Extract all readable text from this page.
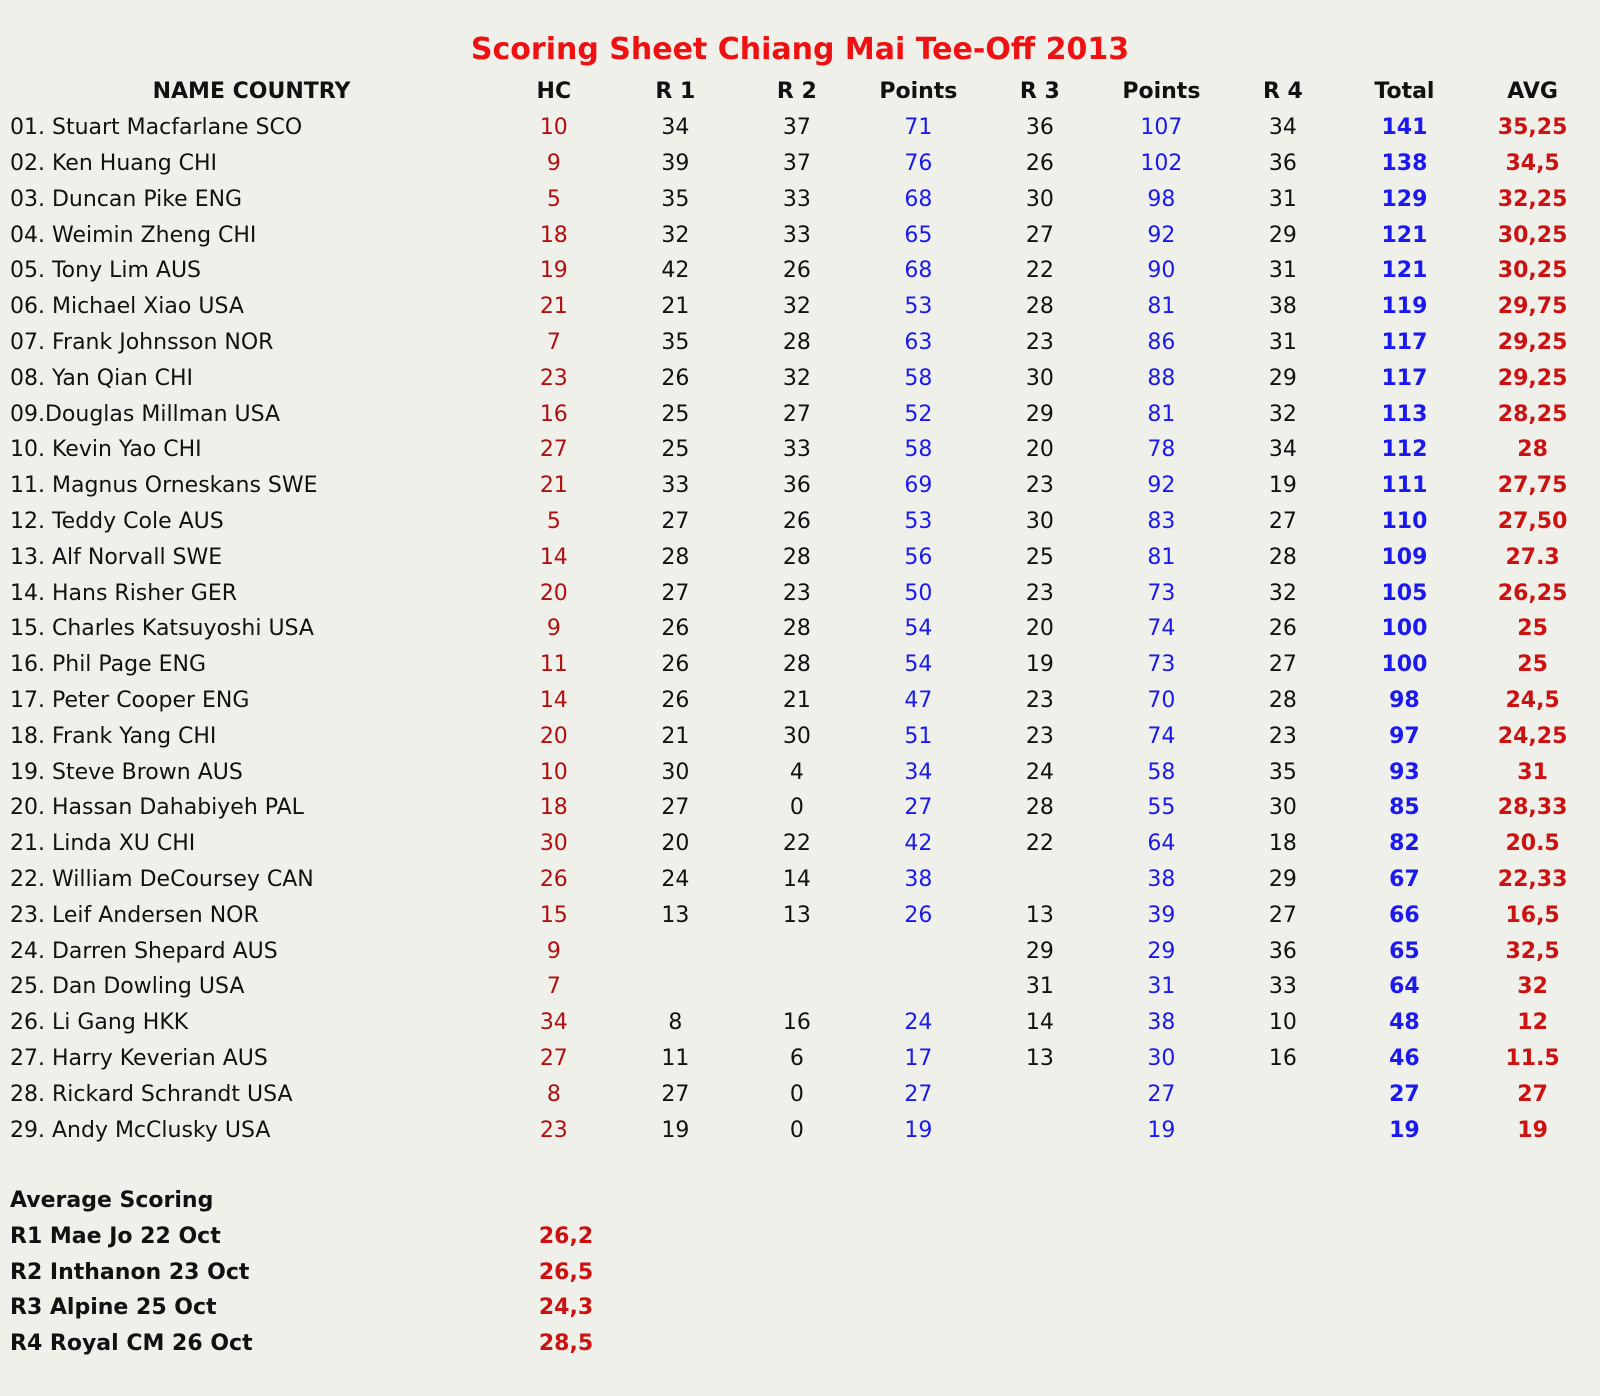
Scoring Sheet Chiang Mai Tee-Off 2013
NAME COUNTRY	HC	R 1	R 2	Points	R 3	Points	R 4	Total	AVG
01. Stuart Macfarlane SCO	10	34	37	71	36	107	34	141	35,25
02. Ken Huang CHI	9	39	37	76	26	102	36	138	34,5
03. Duncan Pike ENG	5	35	33	68	30	98	31	129	32,25
04. Weimin Zheng CHI	18	32	33	65	27	92	29	121	30,25
05. Tony Lim AUS	19	42	26	68	22	90	31	121	30,25
06. Michael Xiao USA	21	21	32	53	28	81	38	119	29,75
07. Frank Johnsson NOR	7	35	28	63	23	86	31	117	29,25
08. Yan Qian CHI	23	26	32	58	30	88	29	117	29,25
09.Douglas Millman USA	16	25	27	52	29	81	32	113	28,25
10. Kevin Yao CHI	27	25	33	58	20	78	34	112	28
11. Magnus Orneskans SWE	21	33	36	69	23	92	19	111	27,75
12. Teddy Cole AUS	5	27	26	53	30	83	27	110	27,50
13. Alf Norvall SWE	14	28	28	56	25	81	28	109	27.3
14. Hans Risher GER	20	27	23	50	23	73	32	105	26,25
15. Charles Katsuyoshi USA	9	26	28	54	20	74	26	100	25
16. Phil Page ENG	11	26	28	54	19	73	27	100	25
17. Peter Cooper ENG	14	26	21	47	23	70	28	98	24,5
18. Frank Yang CHI	20	21	30	51	23	74	23	97	24,25
19. Steve Brown AUS	10	30	4	34	24	58	35	93	31
20. Hassan Dahabiyeh PAL	18	27	0	27	28	55	30	85	28,33
21. Linda XU CHI	30	20	22	42	22	64	18	82	20.5
22. William DeCoursey CAN	26	24	14	38		38	29	67	22,33
23. Leif Andersen NOR	15	13	13	26	13	39	27	66	16,5
24. Darren Shepard AUS	9				29	29	36	65	32,5
25. Dan Dowling USA	7				31	31	33	64	32
26. Li Gang HKK	34	8	16	24	14	38	10	48	12
27. Harry Keverian AUS	27	11	6	17	13	30	16	46	11.5
28. Rickard Schrandt USA	8	27	0	27		27		27	27
29. Andy McClusky USA	23	19	0	19		19		19	19
Average Scoring
R1 Mae Jo 22 Oct	26,2
R2 Inthanon 23 Oct	26,5
R3 Alpine 25 Oct	24,3
R4 Royal CM 26 Oct	28,5
